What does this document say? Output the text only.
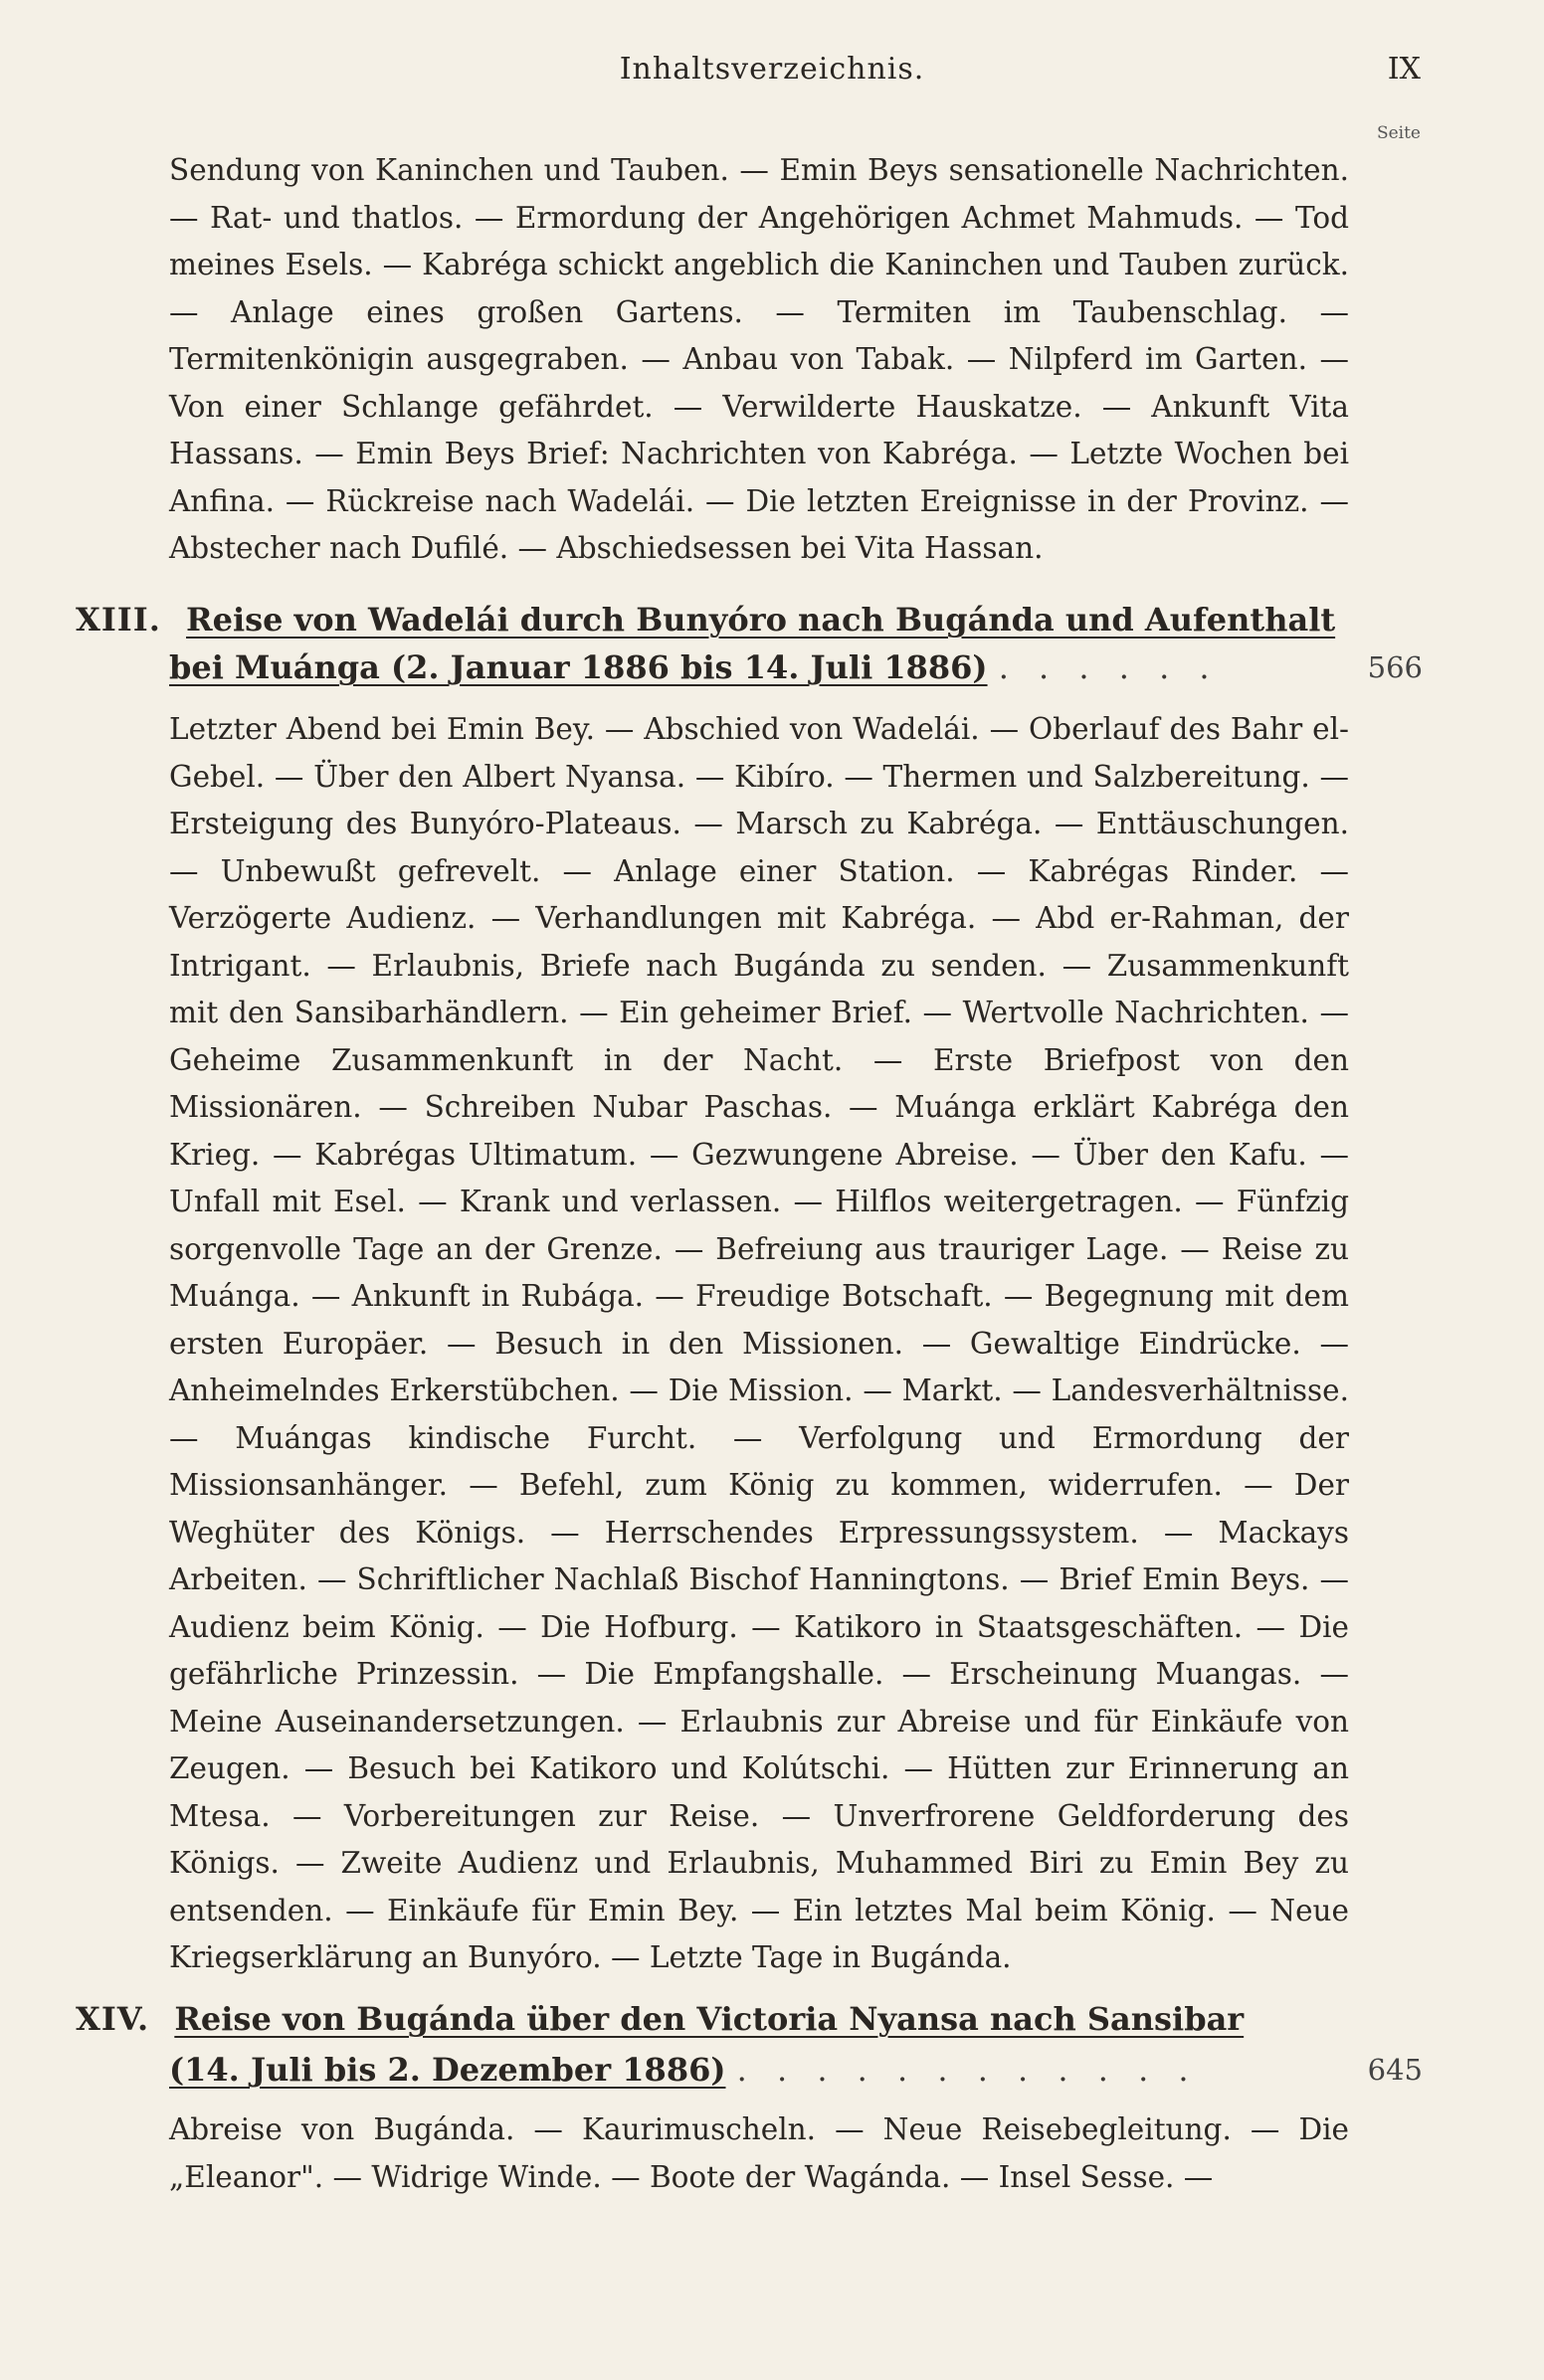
Inhaltsverzeichnis.	IX
Seite
Sendung von Kaninchen und Tauben. — Emin Beys sensationelle Nachrichten. — Rat- und thatlos. — Ermordung der Angehörigen Achmet Mahmuds. — Tod meines Esels. — Kabréga schickt angeblich die Kaninchen und Tauben zurück. — Anlage eines großen Gartens. — Termiten im Taubenschlag. — Termitenkönigin ausgegraben. — Anbau von Tabak. — Nilpferd im Garten. — Von einer Schlange gefährdet. — Verwilderte Hauskatze. — Ankunft Vita Hassans. — Emin Beys Brief: Nachrichten von Kabréga. — Letzte Wochen bei Anfina. — Rückreise nach Wadelái. — Die letzten Ereignisse in der Provinz. — Abstecher nach Dufilé. — Abschiedsessen bei Vita Hassan.
XIII. Reise von Wadelái durch Bunyóro nach Bugánda und Aufenthalt
bei Muánga (2. Januar 1886 bis 14. Juli 1886) . . . . . .	566
Letzter Abend bei Emin Bey. — Abschied von Wadelái. — Oberlauf des Bahr el-Gebel. — Über den Albert Nyansa. — Kibíro. — Thermen und Salzbereitung. — Ersteigung des Bunyóro-Plateaus. — Marsch zu Kabréga. — Enttäuschungen. — Unbewußt gefrevelt. — Anlage einer Station. — Kabrégas Rinder. — Verzögerte Audienz. — Verhandlungen mit Kabréga. — Abd er-Rahman, der Intrigant. — Erlaubnis, Briefe nach Bugánda zu senden. — Zusammenkunft mit den Sansibarhändlern. — Ein geheimer Brief. — Wertvolle Nachrichten. — Geheime Zusammenkunft in der Nacht. — Erste Briefpost von den Missionären. — Schreiben Nubar Paschas. — Muánga erklärt Kabréga den Krieg. — Kabrégas Ultimatum. — Gezwungene Abreise. — Über den Kafu. — Unfall mit Esel. — Krank und verlassen. — Hilflos weitergetragen. — Fünfzig sorgenvolle Tage an der Grenze. — Befreiung aus trauriger Lage. — Reise zu Muánga. — Ankunft in Rubága. — Freudige Botschaft. — Begegnung mit dem ersten Europäer. — Besuch in den Missionen. — Gewaltige Eindrücke. — Anheimelndes Erkerstübchen. — Die Mission. — Markt. — Landesverhältnisse. — Muángas kindische Furcht. — Verfolgung und Ermordung der Missionsanhänger. — Befehl, zum König zu kommen, widerrufen. — Der Weghüter des Königs. — Herrschendes Erpressungssystem. — Mackays Arbeiten. — Schriftlicher Nachlaß Bischof Hanningtons. — Brief Emin Beys. — Audienz beim König. — Die Hofburg. — Katikoro in Staatsgeschäften. — Die gefährliche Prinzessin. — Die Empfangshalle. — Erscheinung Muangas. — Meine Auseinandersetzungen. — Erlaubnis zur Abreise und für Einkäufe von Zeugen. — Besuch bei Katikoro und Kolútschi. — Hütten zur Erinnerung an Mtesa. — Vorbereitungen zur Reise. — Unverfrorene Geldforderung des Königs. — Zweite Audienz und Erlaubnis, Muhammed Biri zu Emin Bey zu entsenden. — Einkäufe für Emin Bey. — Ein letztes Mal beim König. — Neue Kriegserklärung an Bunyóro. — Letzte Tage in Bugánda.
XIV. Reise von Bugánda über den Victoria Nyansa nach Sansibar
(14. Juli bis 2. Dezember 1886) . . . . . . . . . . . .	645
Abreise von Bugánda. — Kaurimuscheln. — Neue Reisebegleitung. — Die „Eleanor". — Widrige Winde. — Boote der Wagánda. — Insel Sesse. —
